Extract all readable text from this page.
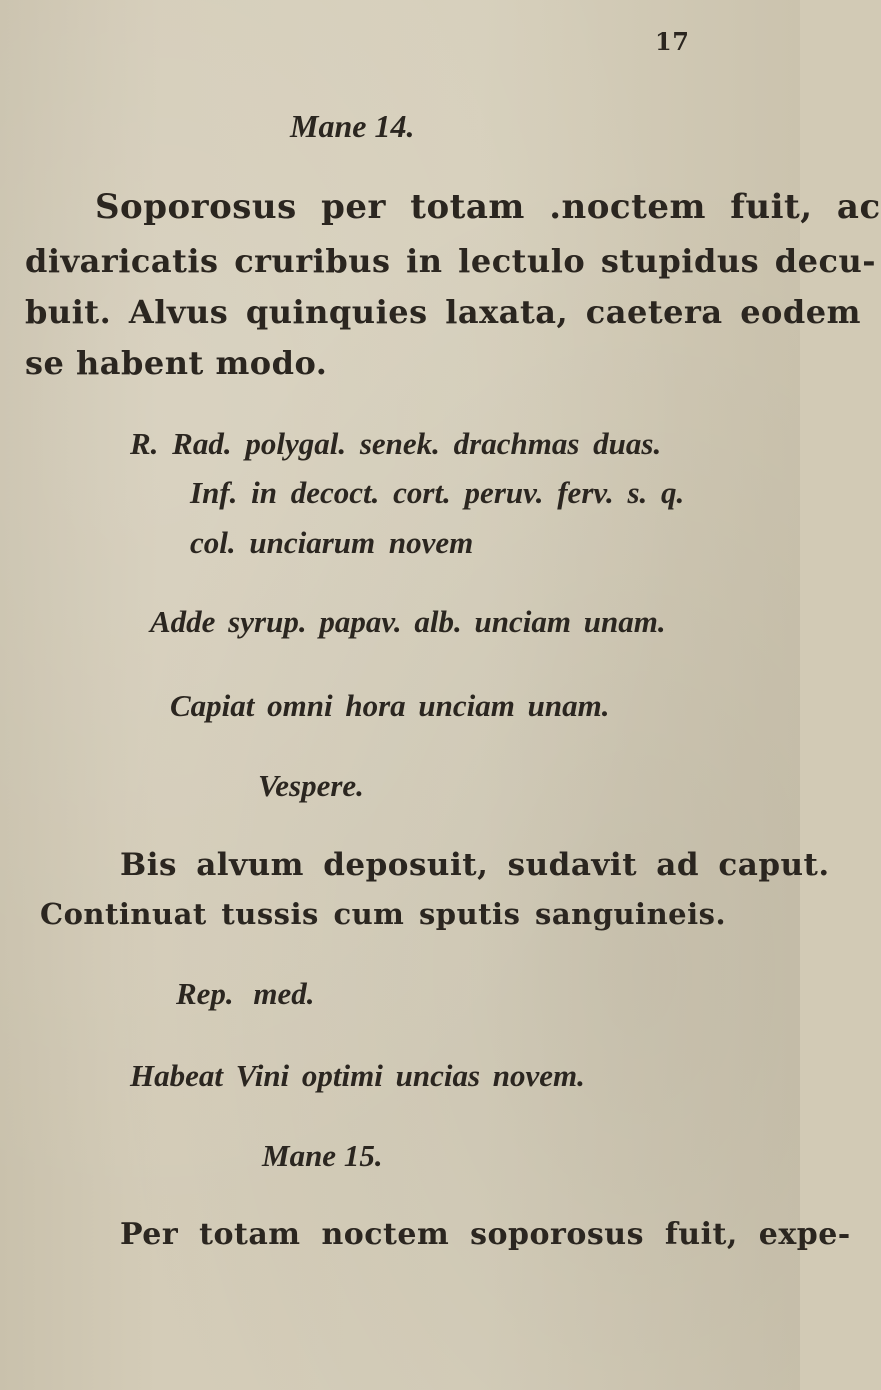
17
Mane 14.
Soporosus per totam .noctem fuit, ac
divaricatis cruribus in lectulo stupidus decu-
buit. Alvus quinquies laxata, caetera eodem
se habent modo.
R. Rad. polygal. senek. drachmas duas.
Inf. in decoct. cort. peruv. ferv. s. q.
col. unciarum novem
Adde syrup. papav. alb. unciam unam.
Capiat omni hora unciam unam.
Vespere.
Bis alvum deposuit, sudavit ad caput.
Continuat tussis cum sputis sanguineis.
Rep. med.
Habeat Vini optimi uncias novem.
Mane 15.
Per totam noctem soporosus fuit, expe-
